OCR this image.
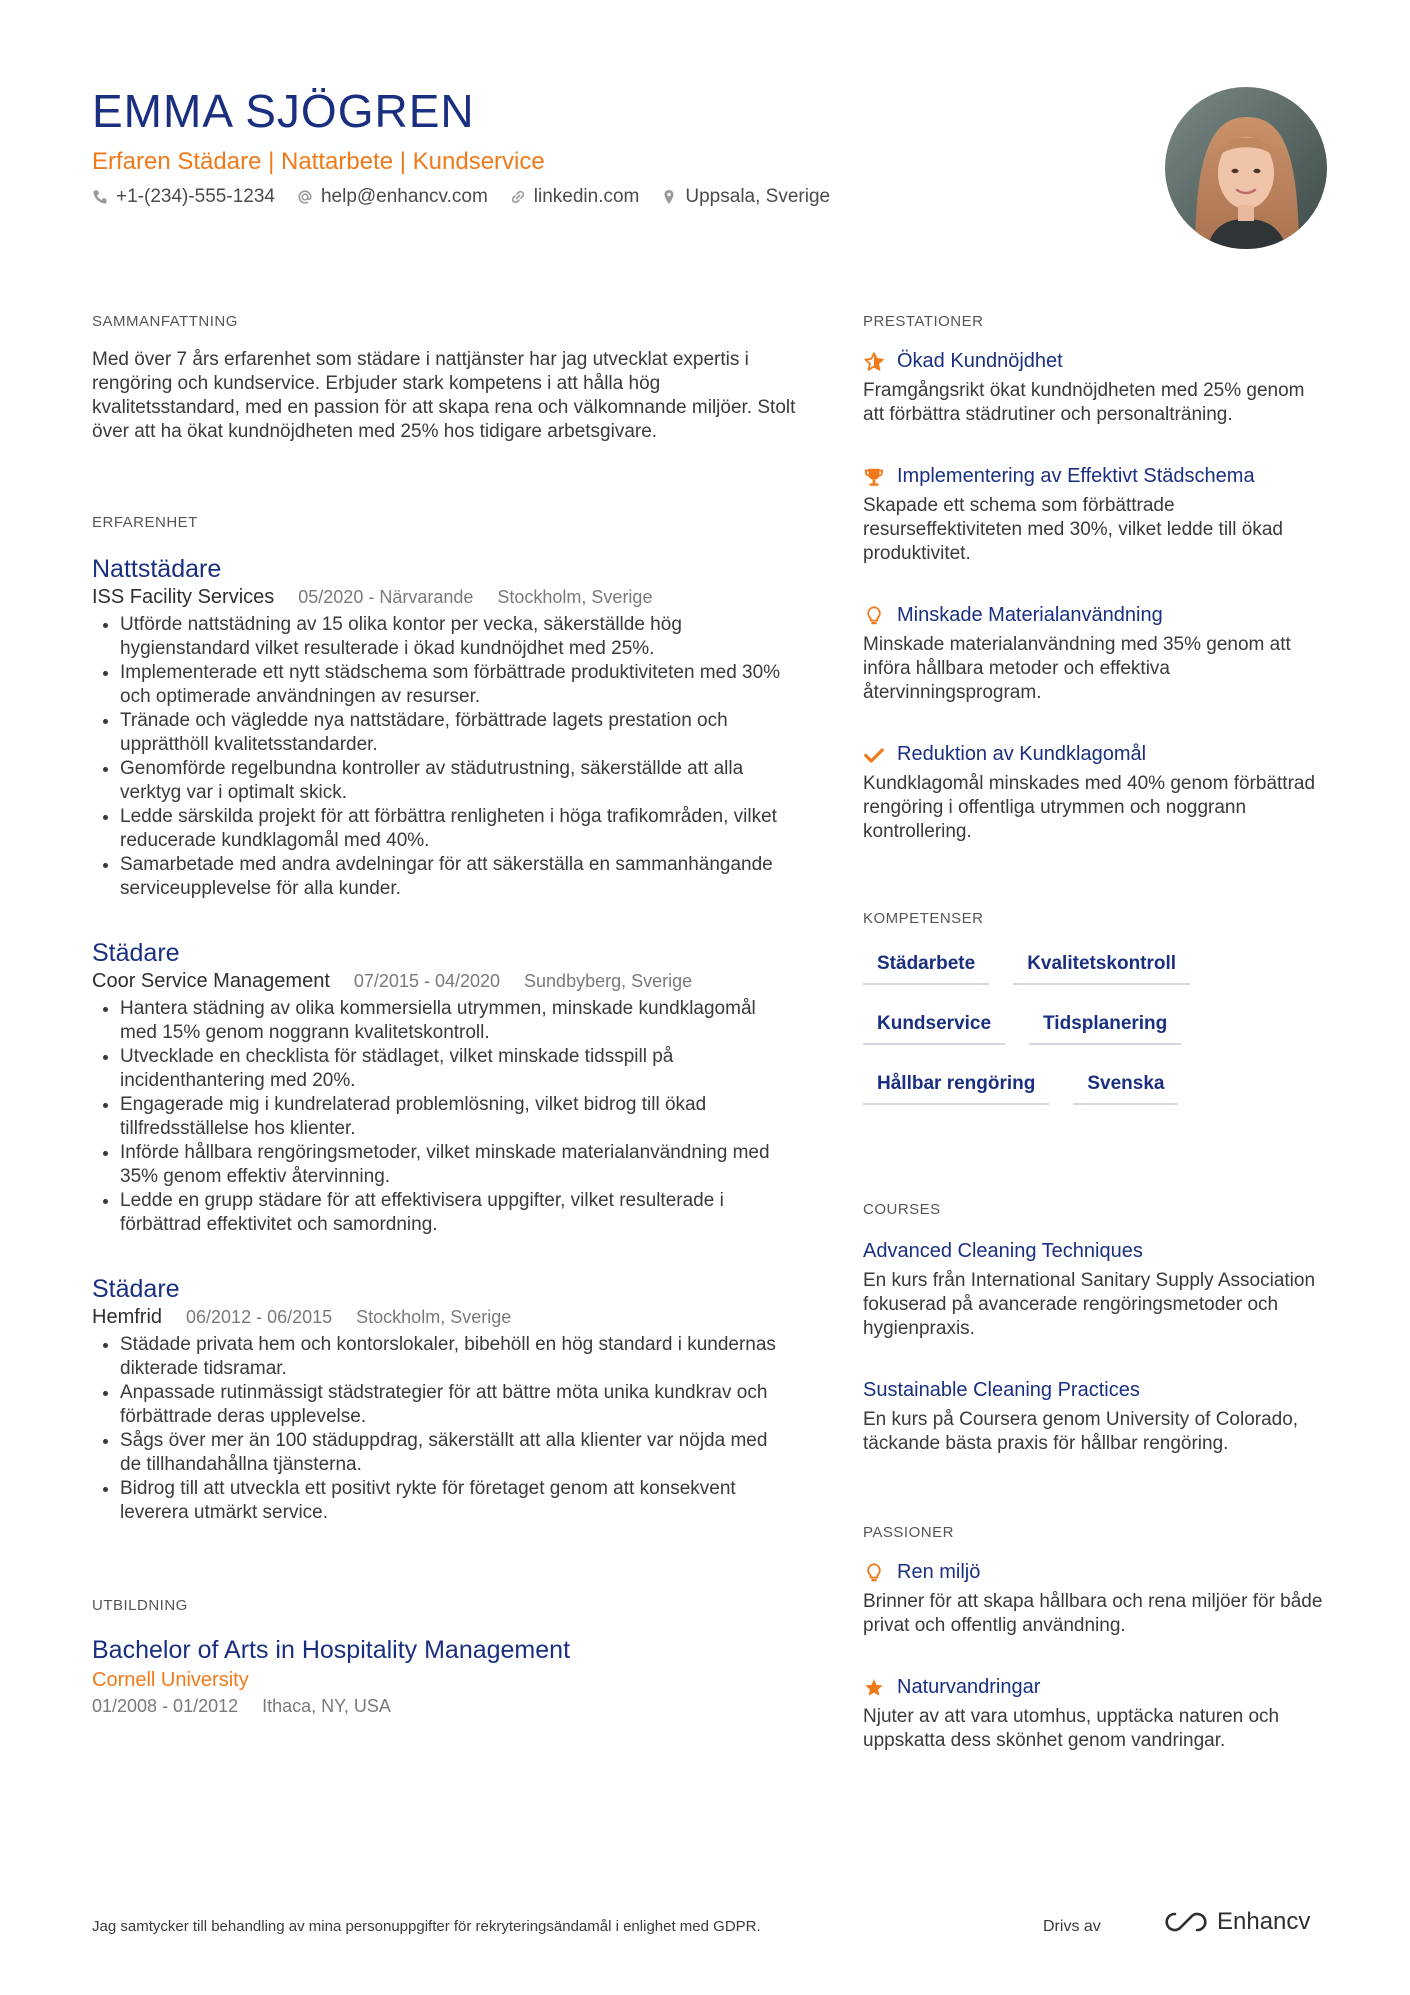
EMMA SJÖGREN
Erfaren Städare | Nattarbete | Kundservice
+1-(234)-555-1234 help@enhancv.com linkedin.com Uppsala, Sverige
SAMMANFATTNING
Med över 7 års erfarenhet som städare i nattjänster har jag utvecklat expertis i rengöring och kundservice. Erbjuder stark kompetens i att hålla hög kvalitetsstandard, med en passion för att skapa rena och välkomnande miljöer. Stolt över att ha ökat kundnöjdheten med 25% hos tidigare arbetsgivare.
ERFARENHET
Nattstädare
ISS Facility Services 05/2020 - Närvarande Stockholm, Sverige
• Utförde nattstädning av 15 olika kontor per vecka, säkerställde hög hygienstandard vilket resulterade i ökad kundnöjdhet med 25%.
• Implementerade ett nytt städschema som förbättrade produktiviteten med 30% och optimerade användningen av resurser.
• Tränade och vägledde nya nattstädare, förbättrade lagets prestation och upprätthöll kvalitetsstandarder.
• Genomförde regelbundna kontroller av städutrustning, säkerställde att alla verktyg var i optimalt skick.
• Ledde särskilda projekt för att förbättra renligheten i höga trafikområden, vilket reducerade kundklagomål med 40%.
• Samarbetade med andra avdelningar för att säkerställa en sammanhängande serviceupplevelse för alla kunder.
Städare
Coor Service Management 07/2015 - 04/2020 Sundbyberg, Sverige
• Hantera städning av olika kommersiella utrymmen, minskade kundklagomål med 15% genom noggrann kvalitetskontroll.
• Utvecklade en checklista för städlaget, vilket minskade tidsspill på incidenthantering med 20%.
• Engagerade mig i kundrelaterad problemlösning, vilket bidrog till ökad tillfredsställelse hos klienter.
• Införde hållbara rengöringsmetoder, vilket minskade materialanvändning med 35% genom effektiv återvinning.
• Ledde en grupp städare för att effektivisera uppgifter, vilket resulterade i förbättrad effektivitet och samordning.
Städare
Hemfrid 06/2012 - 06/2015 Stockholm, Sverige
• Städade privata hem och kontorslokaler, bibehöll en hög standard i kundernas dikterade tidsramar.
• Anpassade rutinmässigt städstrategier för att bättre möta unika kundkrav och förbättrade deras upplevelse.
• Sågs över mer än 100 städuppdrag, säkerställt att alla klienter var nöjda med de tillhandahållna tjänsterna.
• Bidrog till att utveckla ett positivt rykte för företaget genom att konsekvent leverera utmärkt service.
UTBILDNING
Bachelor of Arts in Hospitality Management
Cornell University
01/2008 - 01/2012 Ithaca, NY, USA
PRESTATIONER
Ökad Kundnöjdhet
Framgångsrikt ökat kundnöjdheten med 25% genom att förbättra städrutiner och personalträning.
Implementering av Effektivt Städschema
Skapade ett schema som förbättrade resurseffektiviteten med 30%, vilket ledde till ökad produktivitet.
Minskade Materialanvändning
Minskade materialanvändning med 35% genom att införa hållbara metoder och effektiva återvinningsprogram.
Reduktion av Kundklagomål
Kundklagomål minskades med 40% genom förbättrad rengöring i offentliga utrymmen och noggrann kontrollering.
KOMPETENSER
Städarbete	Kvalitetskontroll
Kundservice	Tidsplanering
Hållbar rengöring	Svenska
COURSES
Advanced Cleaning Techniques
En kurs från International Sanitary Supply Association fokuserad på avancerade rengöringsmetoder och hygienpraxis.
Sustainable Cleaning Practices
En kurs på Coursera genom University of Colorado, täckande bästa praxis för hållbar rengöring.
PASSIONER
Ren miljö
Brinner för att skapa hållbara och rena miljöer för både privat och offentlig användning.
Naturvandringar
Njuter av att vara utomhus, upptäcka naturen och uppskatta dess skönhet genom vandringar.
Jag samtycker till behandling av mina personuppgifter för rekryteringsändamål i enlighet med GDPR.	Drivs av	Enhancv
